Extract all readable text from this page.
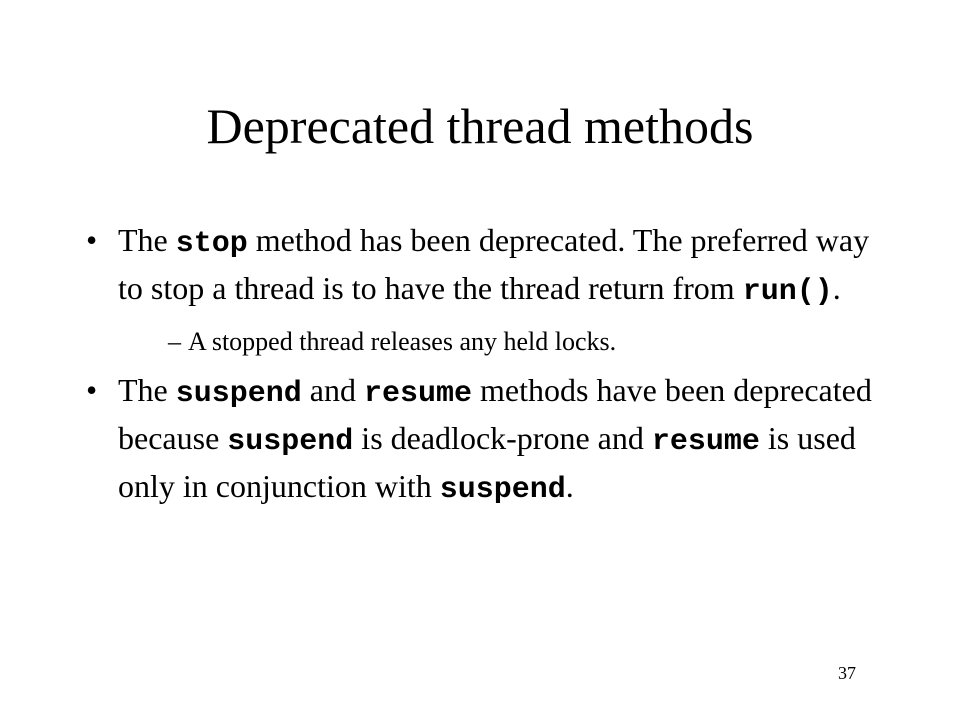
Deprecated thread methods
• The stop method has been deprecated. The preferred way to stop a thread is to have the thread return from run().
– A stopped thread releases any held locks.
• The suspend and resume methods have been deprecated because suspend is deadlock-prone and resume is used only in conjunction with suspend.
37
